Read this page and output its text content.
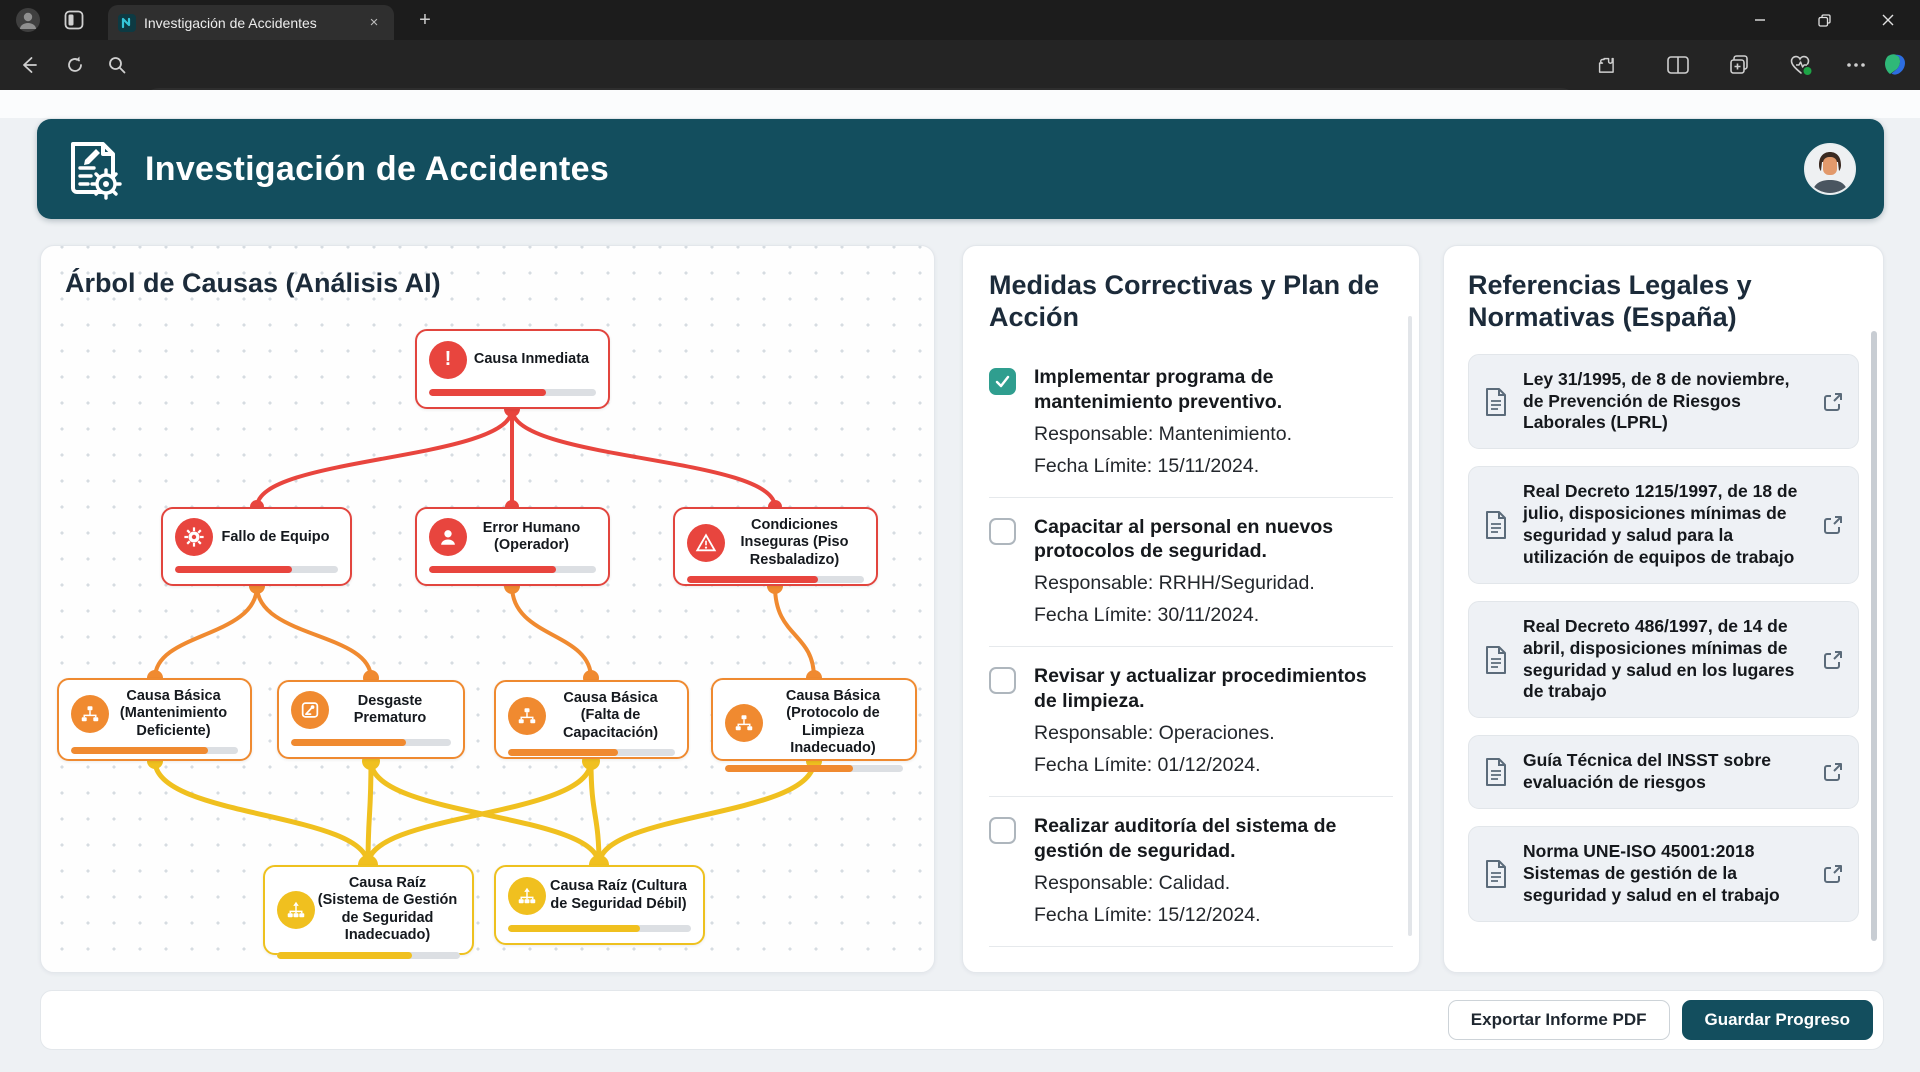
Investigación de Accidentes	×	+
Investigación de Accidentes
Árbol de Causas (Análisis AI)
!	Causa Inmediata
Fallo de Equipo
Error Humano (Operador)
Condiciones Inseguras (Piso Resbaladizo)
Causa Básica (Mantenimiento Deficiente)
Desgaste Prematuro
Causa Básica (Falta de Capacitación)
Causa Básica (Protocolo de Limpieza Inadecuado)
Causa Raíz (Sistema de Gestión de Seguridad Inadecuado)
Causa Raíz (Cultura de Seguridad Débil)
Medidas Correctivas y Plan de Acción
Implementar programa de mantenimiento preventivo.
Responsable: Mantenimiento.
Fecha Límite: 15/11/2024.
Capacitar al personal en nuevos protocolos de seguridad.
Responsable: RRHH/Seguridad.
Fecha Límite: 30/11/2024.
Revisar y actualizar procedimientos de limpieza.
Responsable: Operaciones.
Fecha Límite: 01/12/2024.
Realizar auditoría del sistema de gestión de seguridad.
Responsable: Calidad.
Fecha Límite: 15/12/2024.
Referencias Legales y Normativas (España)
Ley 31/1995, de 8 de noviembre, de Prevención de Riesgos Laborales (LPRL)
Real Decreto 1215/1997, de 18 de julio, disposiciones mínimas de seguridad y salud para la utilización de equipos de trabajo
Real Decreto 486/1997, de 14 de abril, disposiciones mínimas de seguridad y salud en los lugares de trabajo
Guía Técnica del INSST sobre evaluación de riesgos
Norma UNE-ISO 45001:2018 Sistemas de gestión de la seguridad y salud en el trabajo
Exportar Informe PDF	Guardar Progreso
